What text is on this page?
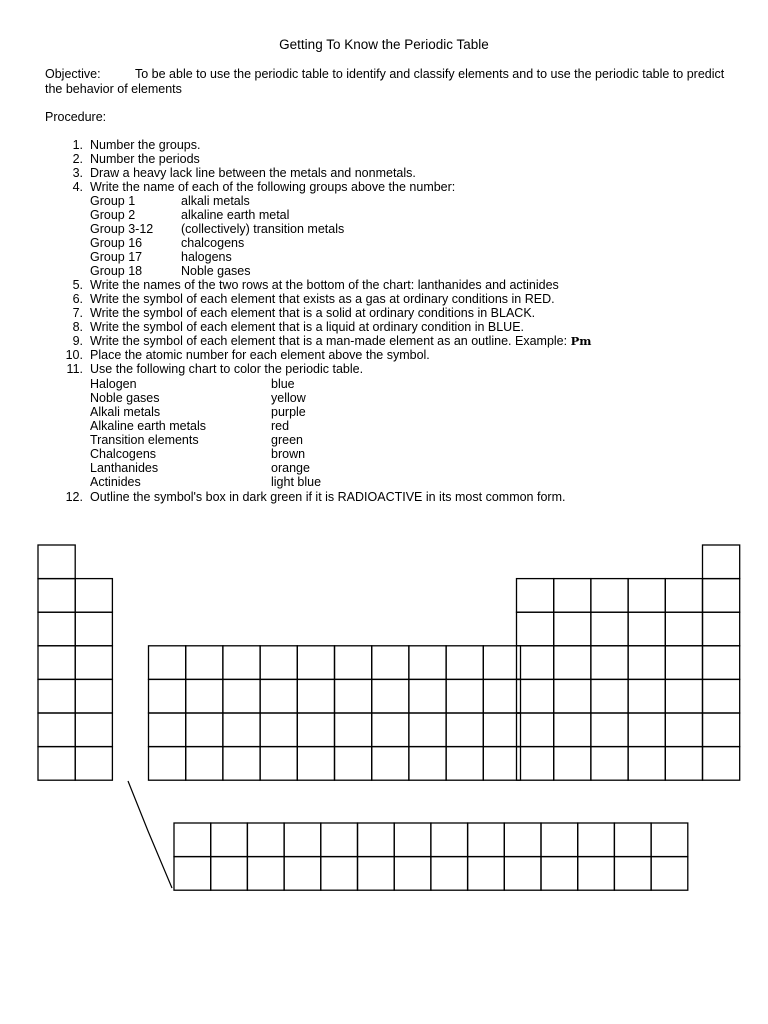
Getting To Know the Periodic Table
Objective:	To be able to use the periodic table to identify and classify elements and to use the periodic table to predict the behavior of elements
Procedure:
1. Number the groups.
2. Number the periods
3. Draw a heavy lack line between the metals and nonmetals.
4. Write the name of each of the following groups above the number:
Group 1	alkali metals
Group 2	alkaline earth metal
Group 3-12 (collectively) transition metals
Group 16	chalcogens
Group 17	halogens
Group 18	Noble gases
5. Write the names of the two rows at the bottom of the chart: lanthanides and actinides
6. Write the symbol of each element that exists as a gas at ordinary conditions in RED.
7. Write the symbol of each element that is a solid at ordinary conditions in BLACK.
8. Write the symbol of each element that is a liquid at ordinary condition in BLUE.
9. Write the symbol of each element that is a man-made element as an outline. Example: Pm
10. Place the atomic number for each element above the symbol.
11. Use the following chart to color the periodic table.
Halogen	blue
Noble gases	yellow
Alkali metals	purple
Alkaline earth metals	red
Transition elements	green
Chalcogens	brown
Lanthanides	orange
Actinides	light blue
12. Outline the symbol's box in dark green if it is RADIOACTIVE in its most common form.
